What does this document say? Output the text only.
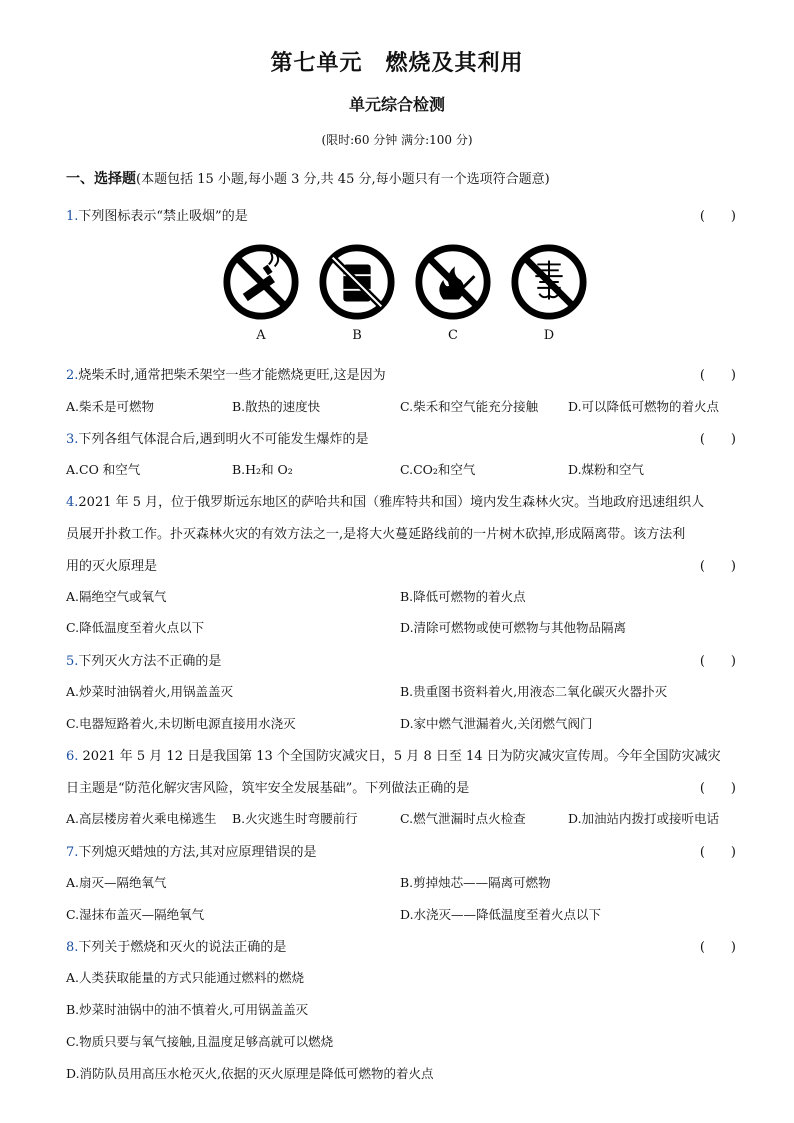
第七单元　燃烧及其利用
单元综合检测
(限时:60 分钟 满分:100 分)
一、选择题(本题包括 15 小题,每小题 3 分,共 45 分,每小题只有一个选项符合题意)
1.下列图标表示“禁止吸烟”的是	(　　)
A	B	C	D
2.烧柴禾时,通常把柴禾架空一些才能燃烧更旺,这是因为	(　　)
A.柴禾是可燃物	B.散热的速度快	C.柴禾和空气能充分接触 D.可以降低可燃物的着火点
3.下列各组气体混合后,遇到明火不可能发生爆炸的是	(　　)
A.CO 和空气	B.H₂和 O₂	C.CO₂和空气	D.煤粉和空气
4.2021 年 5 月，位于俄罗斯远东地区的萨哈共和国（雅库特共和国）境内发生森林火灾。当地政府迅速组织人
员展开扑救工作。扑灭森林火灾的有效方法之一,是将大火蔓延路线前的一片树木砍掉,形成隔离带。该方法利
用的灭火原理是	(　　)
A.隔绝空气或氧气	B.降低可燃物的着火点
C.降低温度至着火点以下	D.清除可燃物或使可燃物与其他物品隔离
5.下列灭火方法不正确的是	(　　)
A.炒菜时油锅着火,用锅盖盖灭	B.贵重图书资料着火,用液态二氧化碳灭火器扑灭
C.电器短路着火,未切断电源直接用水浇灭	D.家中燃气泄漏着火,关闭燃气阀门
6. 2021 年 5 月 12 日是我国第 13 个全国防灾减灾日，5 月 8 日至 14 日为防灾减灾宣传周。今年全国防灾减灾
日主题是“防范化解灾害风险，筑牢安全发展基础”。下列做法正确的是	(　　)
A.高层楼房着火乘电梯逃生 B.火灾逃生时弯腰前行	C.燃气泄漏时点火检查	D.加油站内拨打或接听电话
7.下列熄灭蜡烛的方法,其对应原理错误的是	(　　)
A.扇灭—隔绝氧气	B.剪掉烛芯——隔离可燃物
C.湿抹布盖灭—隔绝氧气	D.水浇灭——降低温度至着火点以下
8.下列关于燃烧和灭火的说法正确的是	(　　)
A.人类获取能量的方式只能通过燃料的燃烧
B.炒菜时油锅中的油不慎着火,可用锅盖盖灭
C.物质只要与氧气接触,且温度足够高就可以燃烧
D.消防队员用高压水枪灭火,依据的灭火原理是降低可燃物的着火点
